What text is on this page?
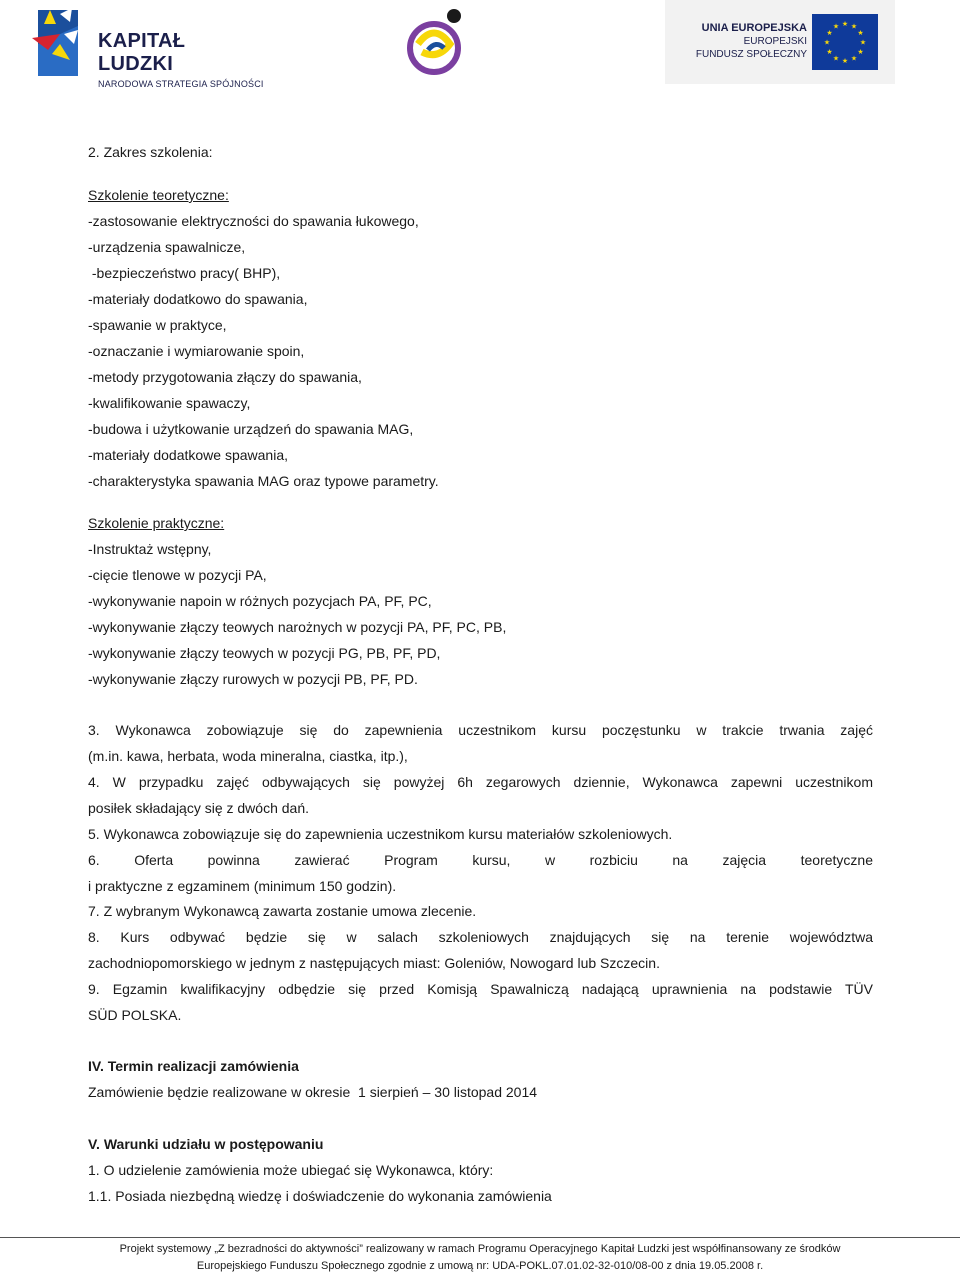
KAPITAŁ LUDZKI
NARODOWA STRATEGIA SPÓJNOŚCI
UNIA EUROPEJSKA
EUROPEJSKI
FUNDUSZ SPOŁECZNY
★ ★
★
★
★
★
★
★
★
★
★
★
2. Zakres szkolenia:
Szkolenie teoretyczne:
-zastosowanie elektryczności do spawania łukowego,
-urządzenia spawalnicze,
-bezpieczeństwo pracy( BHP),
-materiały dodatkowo do spawania,
-spawanie w praktyce,
-oznaczanie i wymiarowanie spoin,
-metody przygotowania złączy do spawania,
-kwalifikowanie spawaczy,
-budowa i użytkowanie urządzeń do spawania MAG,
-materiały dodatkowe spawania,
-charakterystyka spawania MAG oraz typowe parametry.
Szkolenie praktyczne:
-Instruktaż wstępny,
-cięcie tlenowe w pozycji PA,
-wykonywanie napoin w różnych pozycjach PA, PF, PC,
-wykonywanie złączy teowych narożnych w pozycji PA, PF, PC, PB,
-wykonywanie złączy teowych w pozycji PG, PB, PF, PD,
-wykonywanie złączy rurowych w pozycji PB, PF, PD.
3. Wykonawca zobowiązuje się do zapewnienia uczestnikom kursu poczęstunku w trakcie trwania zajęć
(m.in. kawa, herbata, woda mineralna, ciastka, itp.),
4. W przypadku zajęć odbywających się powyżej 6h zegarowych dziennie, Wykonawca zapewni uczestnikom
posiłek składający się z dwóch dań.
5. Wykonawca zobowiązuje się do zapewnienia uczestnikom kursu materiałów szkoleniowych.
6. Oferta powinna zawierać Program kursu, w rozbiciu na zajęcia teoretyczne
i praktyczne z egzaminem (minimum 150 godzin).
7. Z wybranym Wykonawcą zawarta zostanie umowa zlecenie.
8. Kurs odbywać będzie się w salach szkoleniowych znajdujących się na terenie województwa
zachodniopomorskiego w jednym z następujących miast: Goleniów, Nowogard lub Szczecin.
9. Egzamin kwalifikacyjny odbędzie się przed Komisją Spawalniczą nadającą uprawnienia na podstawie TÜV
SÜD POLSKA.
IV. Termin realizacji zamówienia
Zamówienie będzie realizowane w okresie  1 sierpień – 30 listopad 2014
V. Warunki udziału w postępowaniu
1. O udzielenie zamówienia może ubiegać się Wykonawca, który:
1.1. Posiada niezbędną wiedzę i doświadczenie do wykonania zamówienia
Projekt systemowy „Z bezradności do aktywności” realizowany w ramach Programu Operacyjnego Kapitał Ludzki jest współfinansowany ze środków
Europejskiego Funduszu Społecznego zgodnie z umową nr: UDA-POKL.07.01.02-32-010/08-00 z dnia 19.05.2008 r.
